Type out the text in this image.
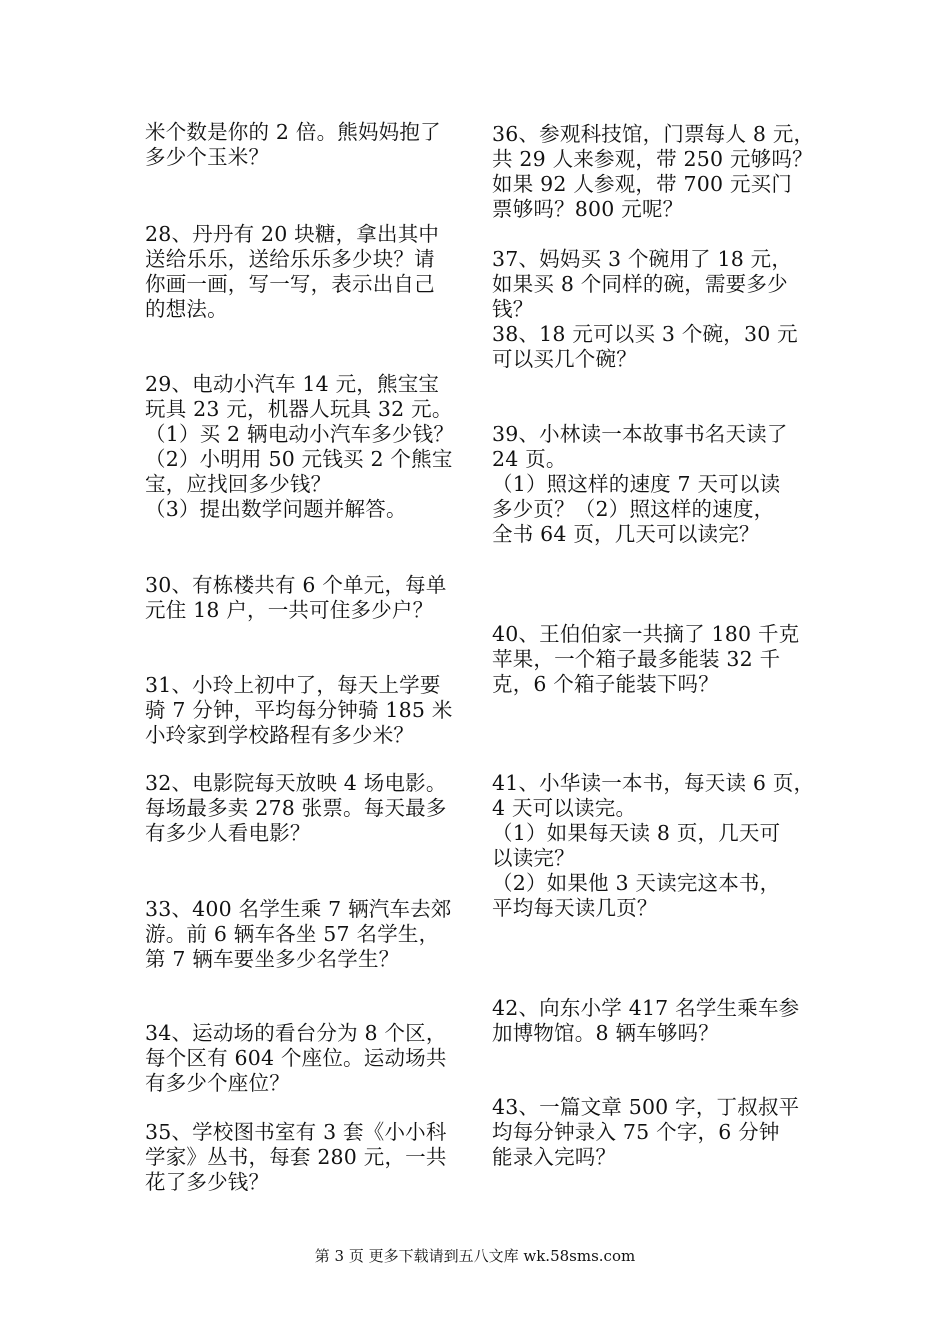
米个数是你的 2 倍。熊妈妈抱了
多少个玉米？
28、丹丹有 20 块糖，拿出其中
送给乐乐，送给乐乐多少块？请
你画一画，写一写，表示出自己
的想法。
29、电动小汽车 14 元，熊宝宝
玩具 23 元，机器人玩具 32 元。
（1）买 2 辆电动小汽车多少钱？
（2）小明用 50 元钱买 2 个熊宝
宝，应找回多少钱？
（3）提出数学问题并解答。
30、有栋楼共有 6 个单元，每单
元住 18 户，一共可住多少户？
31、小玲上初中了，每天上学要
骑 7 分钟，平均每分钟骑 185 米
小玲家到学校路程有多少米？
32、电影院每天放映 4 场电影。
每场最多卖 278 张票。每天最多
有多少人看电影？
33、400 名学生乘 7 辆汽车去郊
游。前 6 辆车各坐 57 名学生，
第 7 辆车要坐多少名学生？
34、运动场的看台分为 8 个区，
每个区有 604 个座位。运动场共
有多少个座位？
35、学校图书室有 3 套《小小科
学家》丛书，每套 280 元，一共
花了多少钱？
36、参观科技馆，门票每人 8 元，
共 29 人来参观，带 250 元够吗？
如果 92 人参观，带 700 元买门
票够吗？800 元呢？
37、妈妈买 3 个碗用了 18 元，
如果买 8 个同样的碗，需要多少
钱？
38、18 元可以买 3 个碗，30 元
可以买几个碗？
39、小林读一本故事书名天读了
24 页。
（1）照这样的速度 7 天可以读
多少页？（2）照这样的速度，
全书 64 页，几天可以读完？
40、王伯伯家一共摘了 180 千克
苹果，一个箱子最多能装 32 千
克，6 个箱子能装下吗？
41、小华读一本书，每天读 6 页，
4 天可以读完。
（1）如果每天读 8 页，几天可
以读完？
（2）如果他 3 天读完这本书，
平均每天读几页？
42、向东小学 417 名学生乘车参
加博物馆。8 辆车够吗？
43、一篇文章 500 字，丁叔叔平
均每分钟录入 75 个字，6 分钟
能录入完吗？
第 3 页 更多下载请到五八文库 wk.58sms.com
